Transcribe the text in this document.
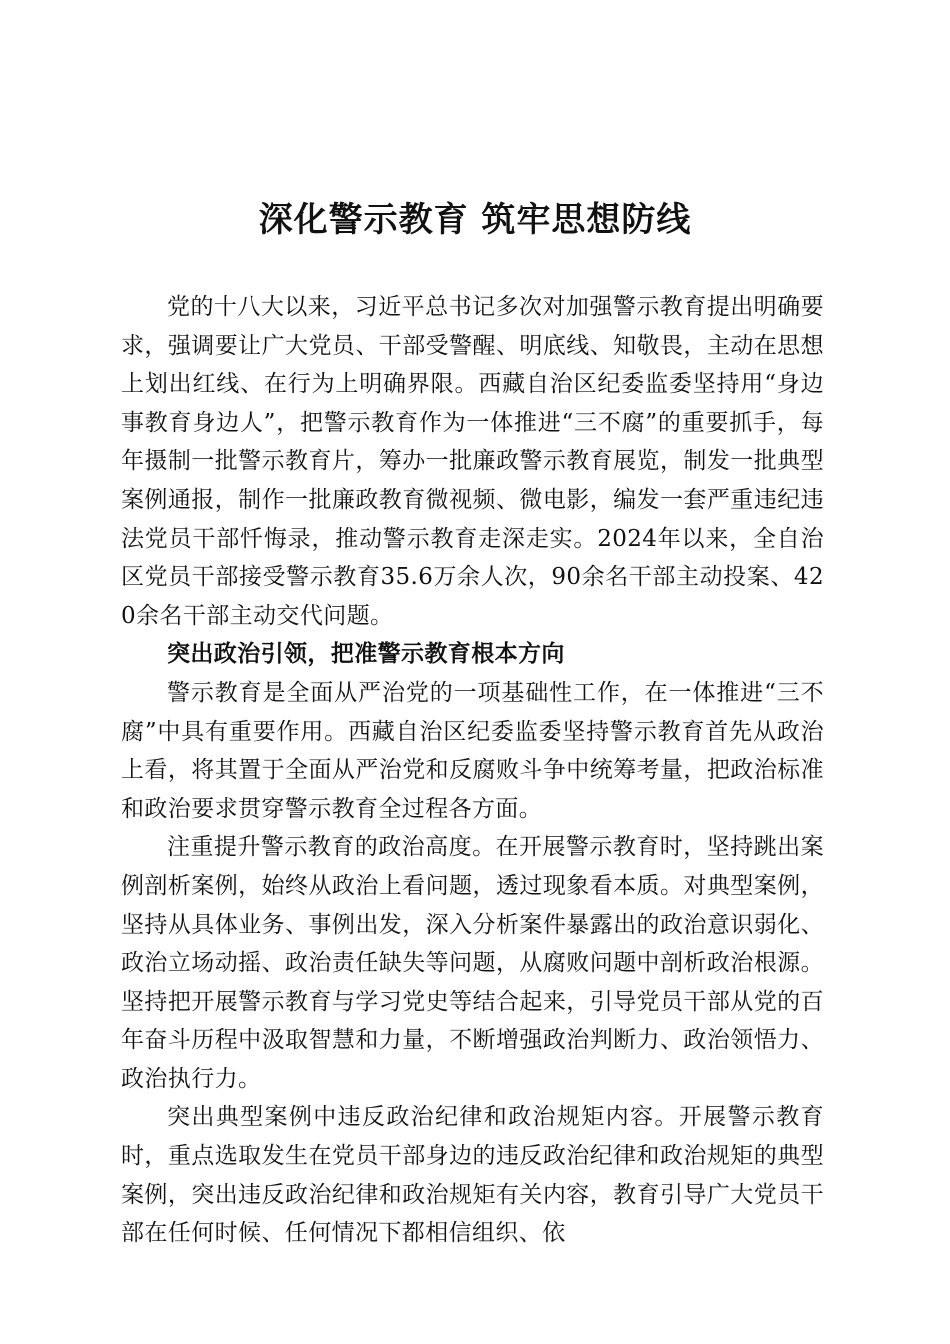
深化警示教育 筑牢思想防线

党的十八大以来，习近平总书记多次对加强警示教育提出明确要求，强调要让广大党员、干部受警醒、明底线、知敬畏，主动在思想上划出红线、在行为上明确界限。西藏自治区纪委监委坚持用“身边事教育身边人”，把警示教育作为一体推进“三不腐”的重要抓手，每年摄制一批警示教育片，筹办一批廉政警示教育展览，制发一批典型案例通报，制作一批廉政教育微视频、微电影，编发一套严重违纪违法党员干部忏悔录，推动警示教育走深走实。2024年以来，全自治区党员干部接受警示教育35.6万余人次，90余名干部主动投案、420余名干部主动交代问题。

突出政治引领，把准警示教育根本方向

警示教育是全面从严治党的一项基础性工作，在一体推进“三不腐”中具有重要作用。西藏自治区纪委监委坚持警示教育首先从政治上看，将其置于全面从严治党和反腐败斗争中统筹考量，把政治标准和政治要求贯穿警示教育全过程各方面。

注重提升警示教育的政治高度。在开展警示教育时，坚持跳出案例剖析案例，始终从政治上看问题，透过现象看本质。对典型案例，坚持从具体业务、事例出发，深入分析案件暴露出的政治意识弱化、政治立场动摇、政治责任缺失等问题，从腐败问题中剖析政治根源。坚持把开展警示教育与学习党史等结合起来，引导党员干部从党的百年奋斗历程中汲取智慧和力量，不断增强政治判断力、政治领悟力、政治执行力。

突出典型案例中违反政治纪律和政治规矩内容。开展警示教育时，重点选取发生在党员干部身边的违反政治纪律和政治规矩的典型案例，突出违反政治纪律和政治规矩有关内容，教育引导广大党员干部在任何时候、任何情况下都相信组织、依
